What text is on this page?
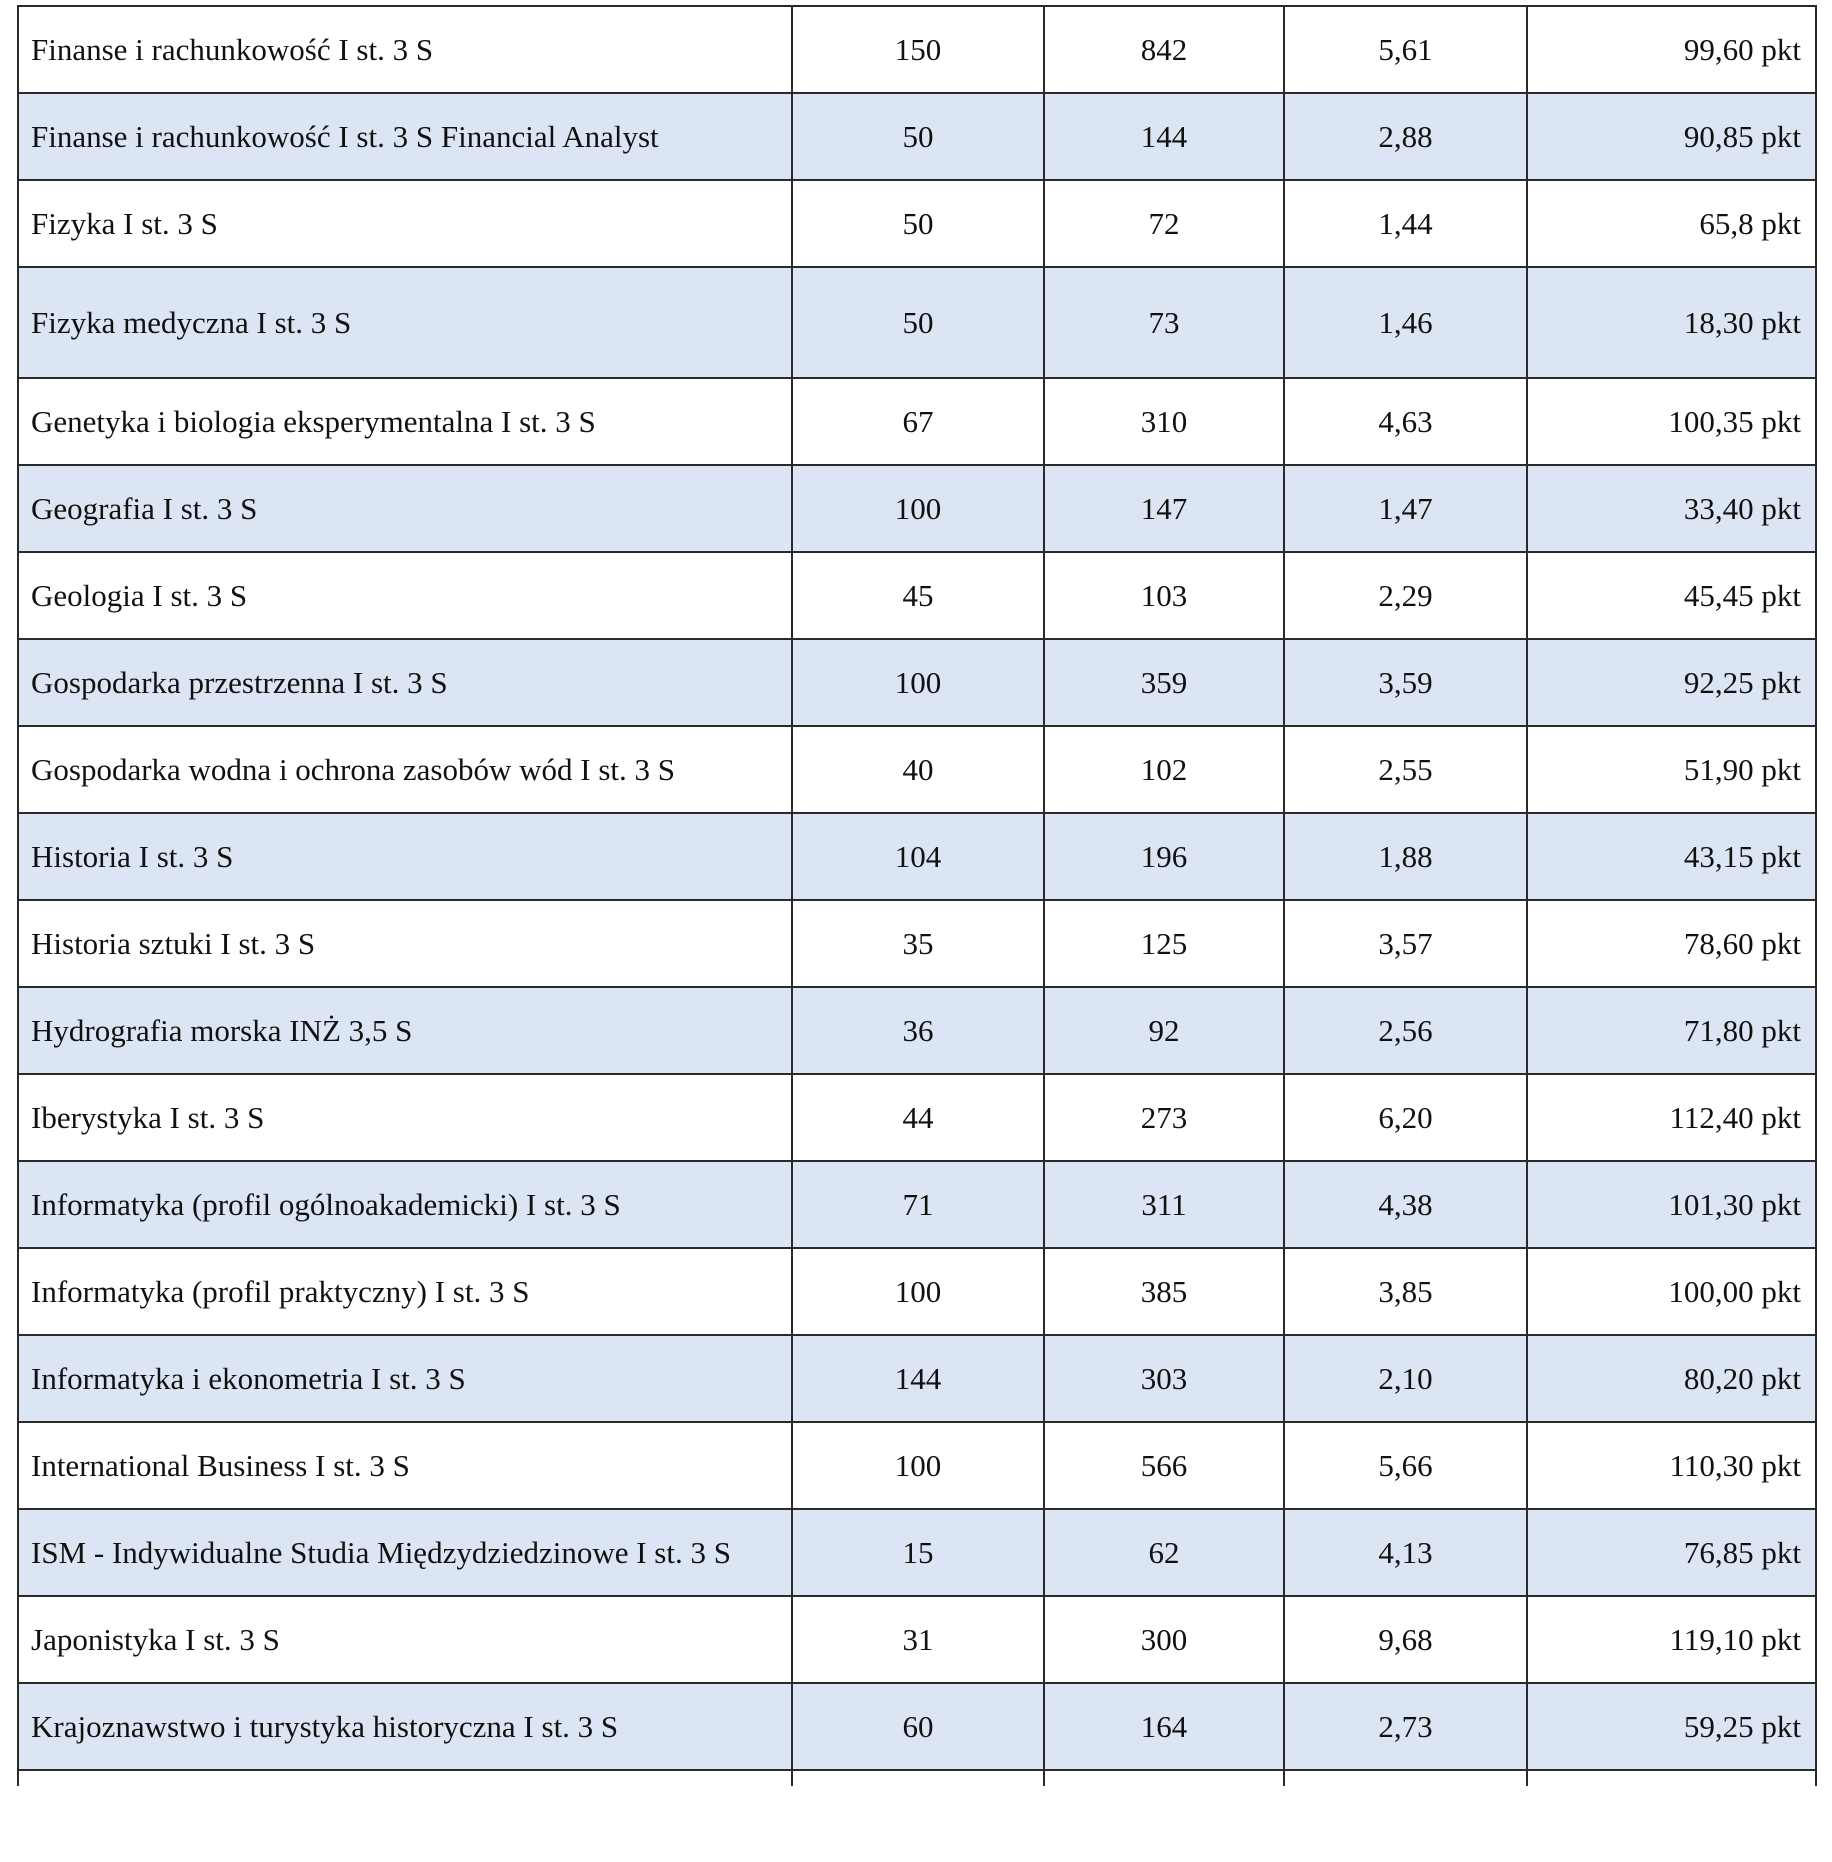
Finanse i rachunkowość I st. 3 S	150	842	5,61	99,60 pkt
Finanse i rachunkowość I st. 3 S Financial Analyst	50	144	2,88	90,85 pkt
Fizyka I st. 3 S	50	72	1,44	65,8 pkt
Fizyka medyczna I st. 3 S	50	73	1,46	18,30 pkt
Genetyka i biologia eksperymentalna I st. 3 S	67	310	4,63	100,35 pkt
Geografia I st. 3 S	100	147	1,47	33,40 pkt
Geologia I st. 3 S	45	103	2,29	45,45 pkt
Gospodarka przestrzenna I st. 3 S	100	359	3,59	92,25 pkt
Gospodarka wodna i ochrona zasobów wód I st. 3 S	40	102	2,55	51,90 pkt
Historia I st. 3 S	104	196	1,88	43,15 pkt
Historia sztuki I st. 3 S	35	125	3,57	78,60 pkt
Hydrografia morska INŻ 3,5 S	36	92	2,56	71,80 pkt
Iberystyka I st. 3 S	44	273	6,20	112,40 pkt
Informatyka (profil ogólnoakademicki) I st. 3 S	71	311	4,38	101,30 pkt
Informatyka (profil praktyczny) I st. 3 S	100	385	3,85	100,00 pkt
Informatyka i ekonometria I st. 3 S	144	303	2,10	80,20 pkt
International Business I st. 3 S	100	566	5,66	110,30 pkt
ISM - Indywidualne Studia Międzydziedzinowe I st. 3 S	15	62	4,13	76,85 pkt
Japonistyka I st. 3 S	31	300	9,68	119,10 pkt
Krajoznawstwo i turystyka historyczna I st. 3 S	60	164	2,73	59,25 pkt
